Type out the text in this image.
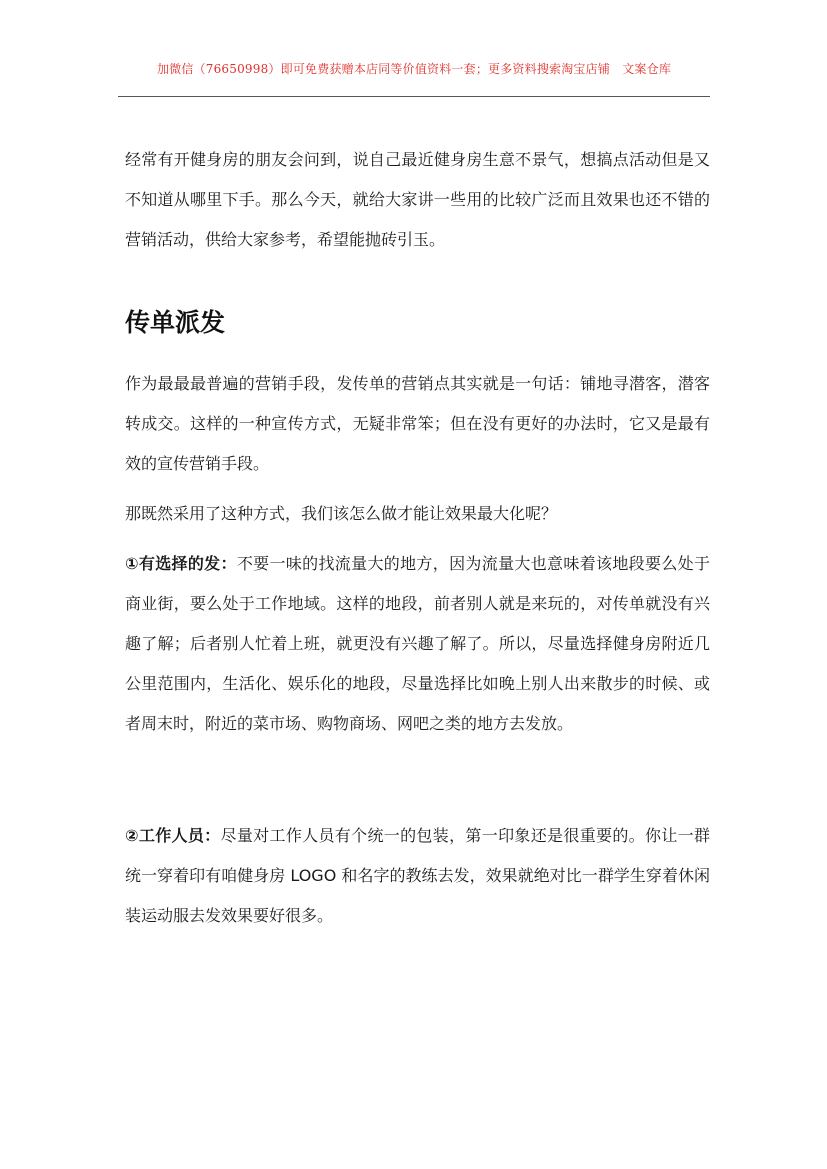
加微信（76650998）即可免费获赠本店同等价值资料一套；更多资料搜索淘宝店铺　文案仓库

经常有开健身房的朋友会问到，说自己最近健身房生意不景气，想搞点活动但是又不知道从哪里下手。那么今天，就给大家讲一些用的比较广泛而且效果也还不错的营销活动，供给大家参考，希望能抛砖引玉。

传单派发

作为最最最普遍的营销手段，发传单的营销点其实就是一句话：铺地寻潜客，潜客转成交。这样的一种宣传方式，无疑非常笨；但在没有更好的办法时，它又是最有效的宣传营销手段。

那既然采用了这种方式，我们该怎么做才能让效果最大化呢？

①有选择的发：不要一味的找流量大的地方，因为流量大也意味着该地段要么处于商业街，要么处于工作地域。这样的地段，前者别人就是来玩的，对传单就没有兴趣了解；后者别人忙着上班，就更没有兴趣了解了。所以，尽量选择健身房附近几公里范围内，生活化、娱乐化的地段，尽量选择比如晚上别人出来散步的时候、或者周末时，附近的菜市场、购物商场、网吧之类的地方去发放。

②工作人员：尽量对工作人员有个统一的包装，第一印象还是很重要的。你让一群统一穿着印有咱健身房 LOGO 和名字的教练去发，效果就绝对比一群学生穿着休闲装运动服去发效果要好很多。
